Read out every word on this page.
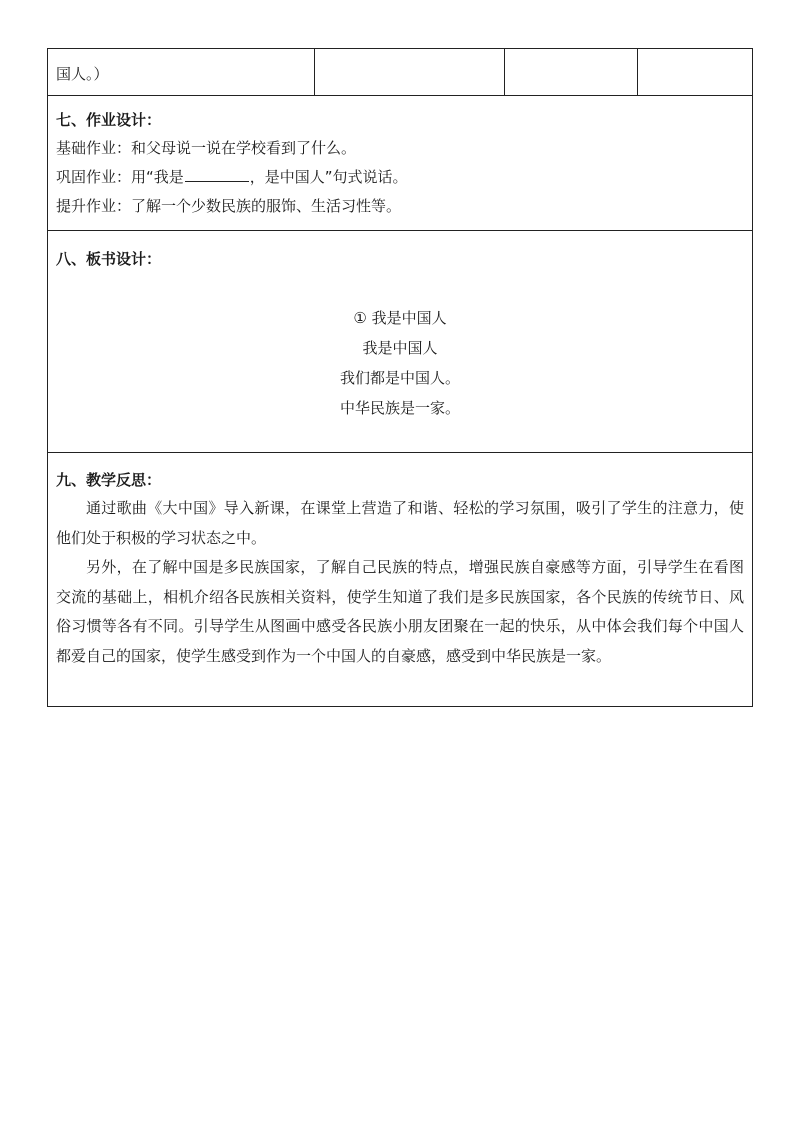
国人。）
七、作业设计：
基础作业：和父母说一说在学校看到了什么。
巩固作业：用“我是	，是中国人”句式说话。
提升作业：了解一个少数民族的服饰、生活习性等。
八、板书设计：
① 我是中国人
我是中国人
我们都是中国人。
中华民族是一家。
九、教学反思：

通过歌曲《大中国》导入新课，在课堂上营造了和谐、轻松的学习氛围，吸引了学生的注意力，使他们处于积极的学习状态之中。

另外，在了解中国是多民族国家，了解自己民族的特点，增强民族自豪感等方面，引导学生在看图交流的基础上，相机介绍各民族相关资料，使学生知道了我们是多民族国家，各个民族的传统节日、风俗习惯等各有不同。引导学生从图画中感受各民族小朋友团聚在一起的快乐，从中体会我们每个中国人都爱自己的国家，使学生感受到作为一个中国人的自豪感，感受到中华民族是一家。
